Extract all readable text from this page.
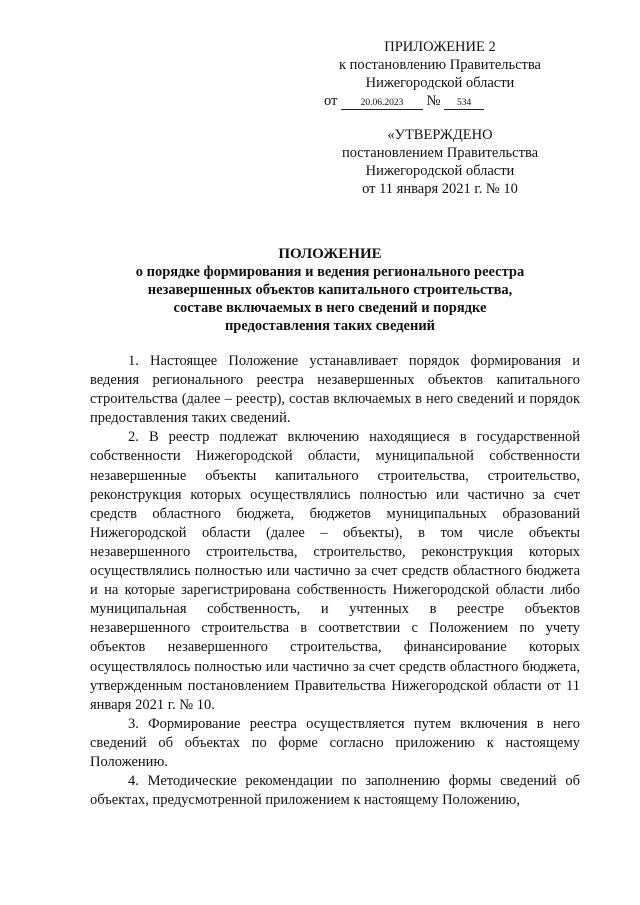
ПРИЛОЖЕНИЕ 2
к постановлению Правительства
Нижегородской области
от 20.06.2023 № 534
«УТВЕРЖДЕНО
постановлением Правительства
Нижегородской области
от 11 января 2021 г. № 10
ПОЛОЖЕНИЕ
о порядке формирования и ведения регионального реестра
незавершенных объектов капитального строительства,
составе включаемых в него сведений и порядке
предоставления таких сведений

1. Настоящее Положение устанавливает порядок формирования и ведения регионального реестра незавершенных объектов капитального строительства (далее – реестр), состав включаемых в него сведений и порядок предоставления таких сведений.

2. В реестр подлежат включению находящиеся в государственной собственности Нижегородской области, муниципальной собственности незавершенные объекты капитального строительства, строительство, реконструкция которых осуществлялись полностью или частично за счет средств областного бюджета, бюджетов муниципальных образований Нижегородской области (далее – объекты), в том числе объекты незавершенного строительства, строительство, реконструкция которых осуществлялись полностью или частично за счет средств областного бюджета и на которые зарегистрирована собственность Нижегородской области либо муниципальная собственность, и учтенных в реестре объектов незавершенного строительства в соответствии с Положением по учету объектов незавершенного строительства, финансирование которых осуществлялось полностью или частично за счет средств областного бюджета, утвержденным постановлением Правительства Нижегородской области от 11 января 2021 г. № 10.

3. Формирование реестра осуществляется путем включения в него сведений об объектах по форме согласно приложению к настоящему Положению.

4. Методические рекомендации по заполнению формы сведений об объектах, предусмотренной приложением к настоящему Положению,
